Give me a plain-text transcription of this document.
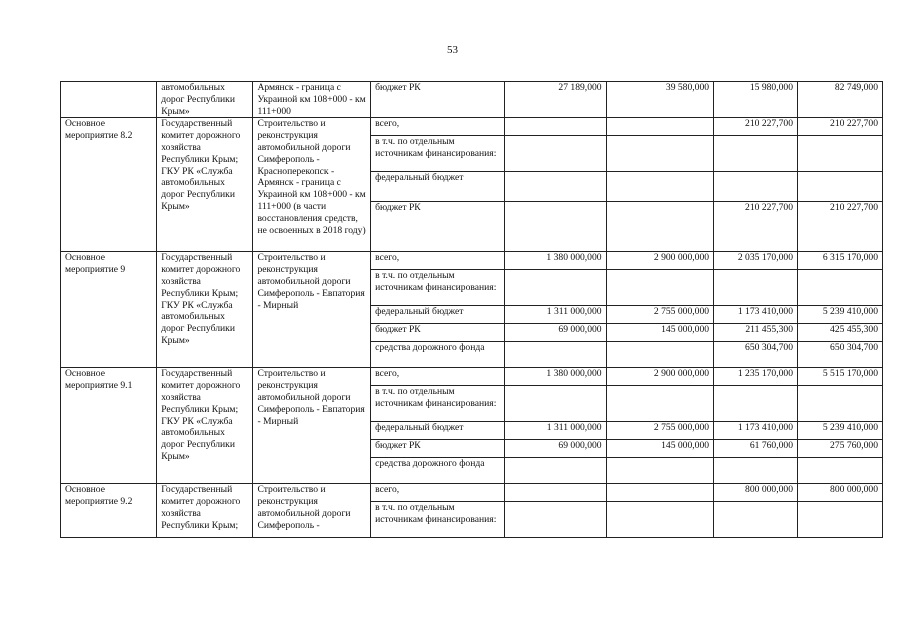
53
	автомобильных дорог Республики Крым»	Армянск - граница с Украиной км 108+000 - км 111+000	бюджет РК	27 189,000	39 580,000	15 980,000	82 749,000
Основное мероприятие 8.2	Государственный комитет дорожного хозяйства Республики Крым; ГКУ РК «Служба автомобильных дорог Республики Крым»	Строительство и реконструкция автомобильной дороги Симферополь - Красноперекопск - Армянск - граница с Украиной км 108+000 - км 111+000 (в части восстановления средств, не освоенных в 2018 году)	всего,			210 227,700	210 227,700
			в т.ч. по отдельным источникам финансирования:				
			федеральный бюджет				
			бюджет РК			210 227,700	210 227,700
Основное мероприятие 9	Государственный комитет дорожного хозяйства Республики Крым; ГКУ РК «Служба автомобильных дорог Республики Крым»	Строительство и реконструкция автомобильной дороги Симферополь - Евпатория - Мирный	всего,	1 380 000,000	2 900 000,000	2 035 170,000	6 315 170,000
			в т.ч. по отдельным источникам финансирования:				
			федеральный бюджет	1 311 000,000	2 755 000,000	1 173 410,000	5 239 410,000
			бюджет РК	69 000,000	145 000,000	211 455,300	425 455,300
			средства дорожного фонда			650 304,700	650 304,700
Основное мероприятие 9.1	Государственный комитет дорожного хозяйства Республики Крым; ГКУ РК «Служба автомобильных дорог Республики Крым»	Строительство и реконструкция автомобильной дороги Симферополь - Евпатория - Мирный	всего,	1 380 000,000	2 900 000,000	1 235 170,000	5 515 170,000
			в т.ч. по отдельным источникам финансирования:				
			федеральный бюджет	1 311 000,000	2 755 000,000	1 173 410,000	5 239 410,000
			бюджет РК	69 000,000	145 000,000	61 760,000	275 760,000
			средства дорожного фонда				
Основное мероприятие 9.2	Государственный комитет дорожного хозяйства Республики Крым;	Строительство и реконструкция автомобильной дороги Симферополь -	всего,			800 000,000	800 000,000
			в т.ч. по отдельным источникам финансирования:				
